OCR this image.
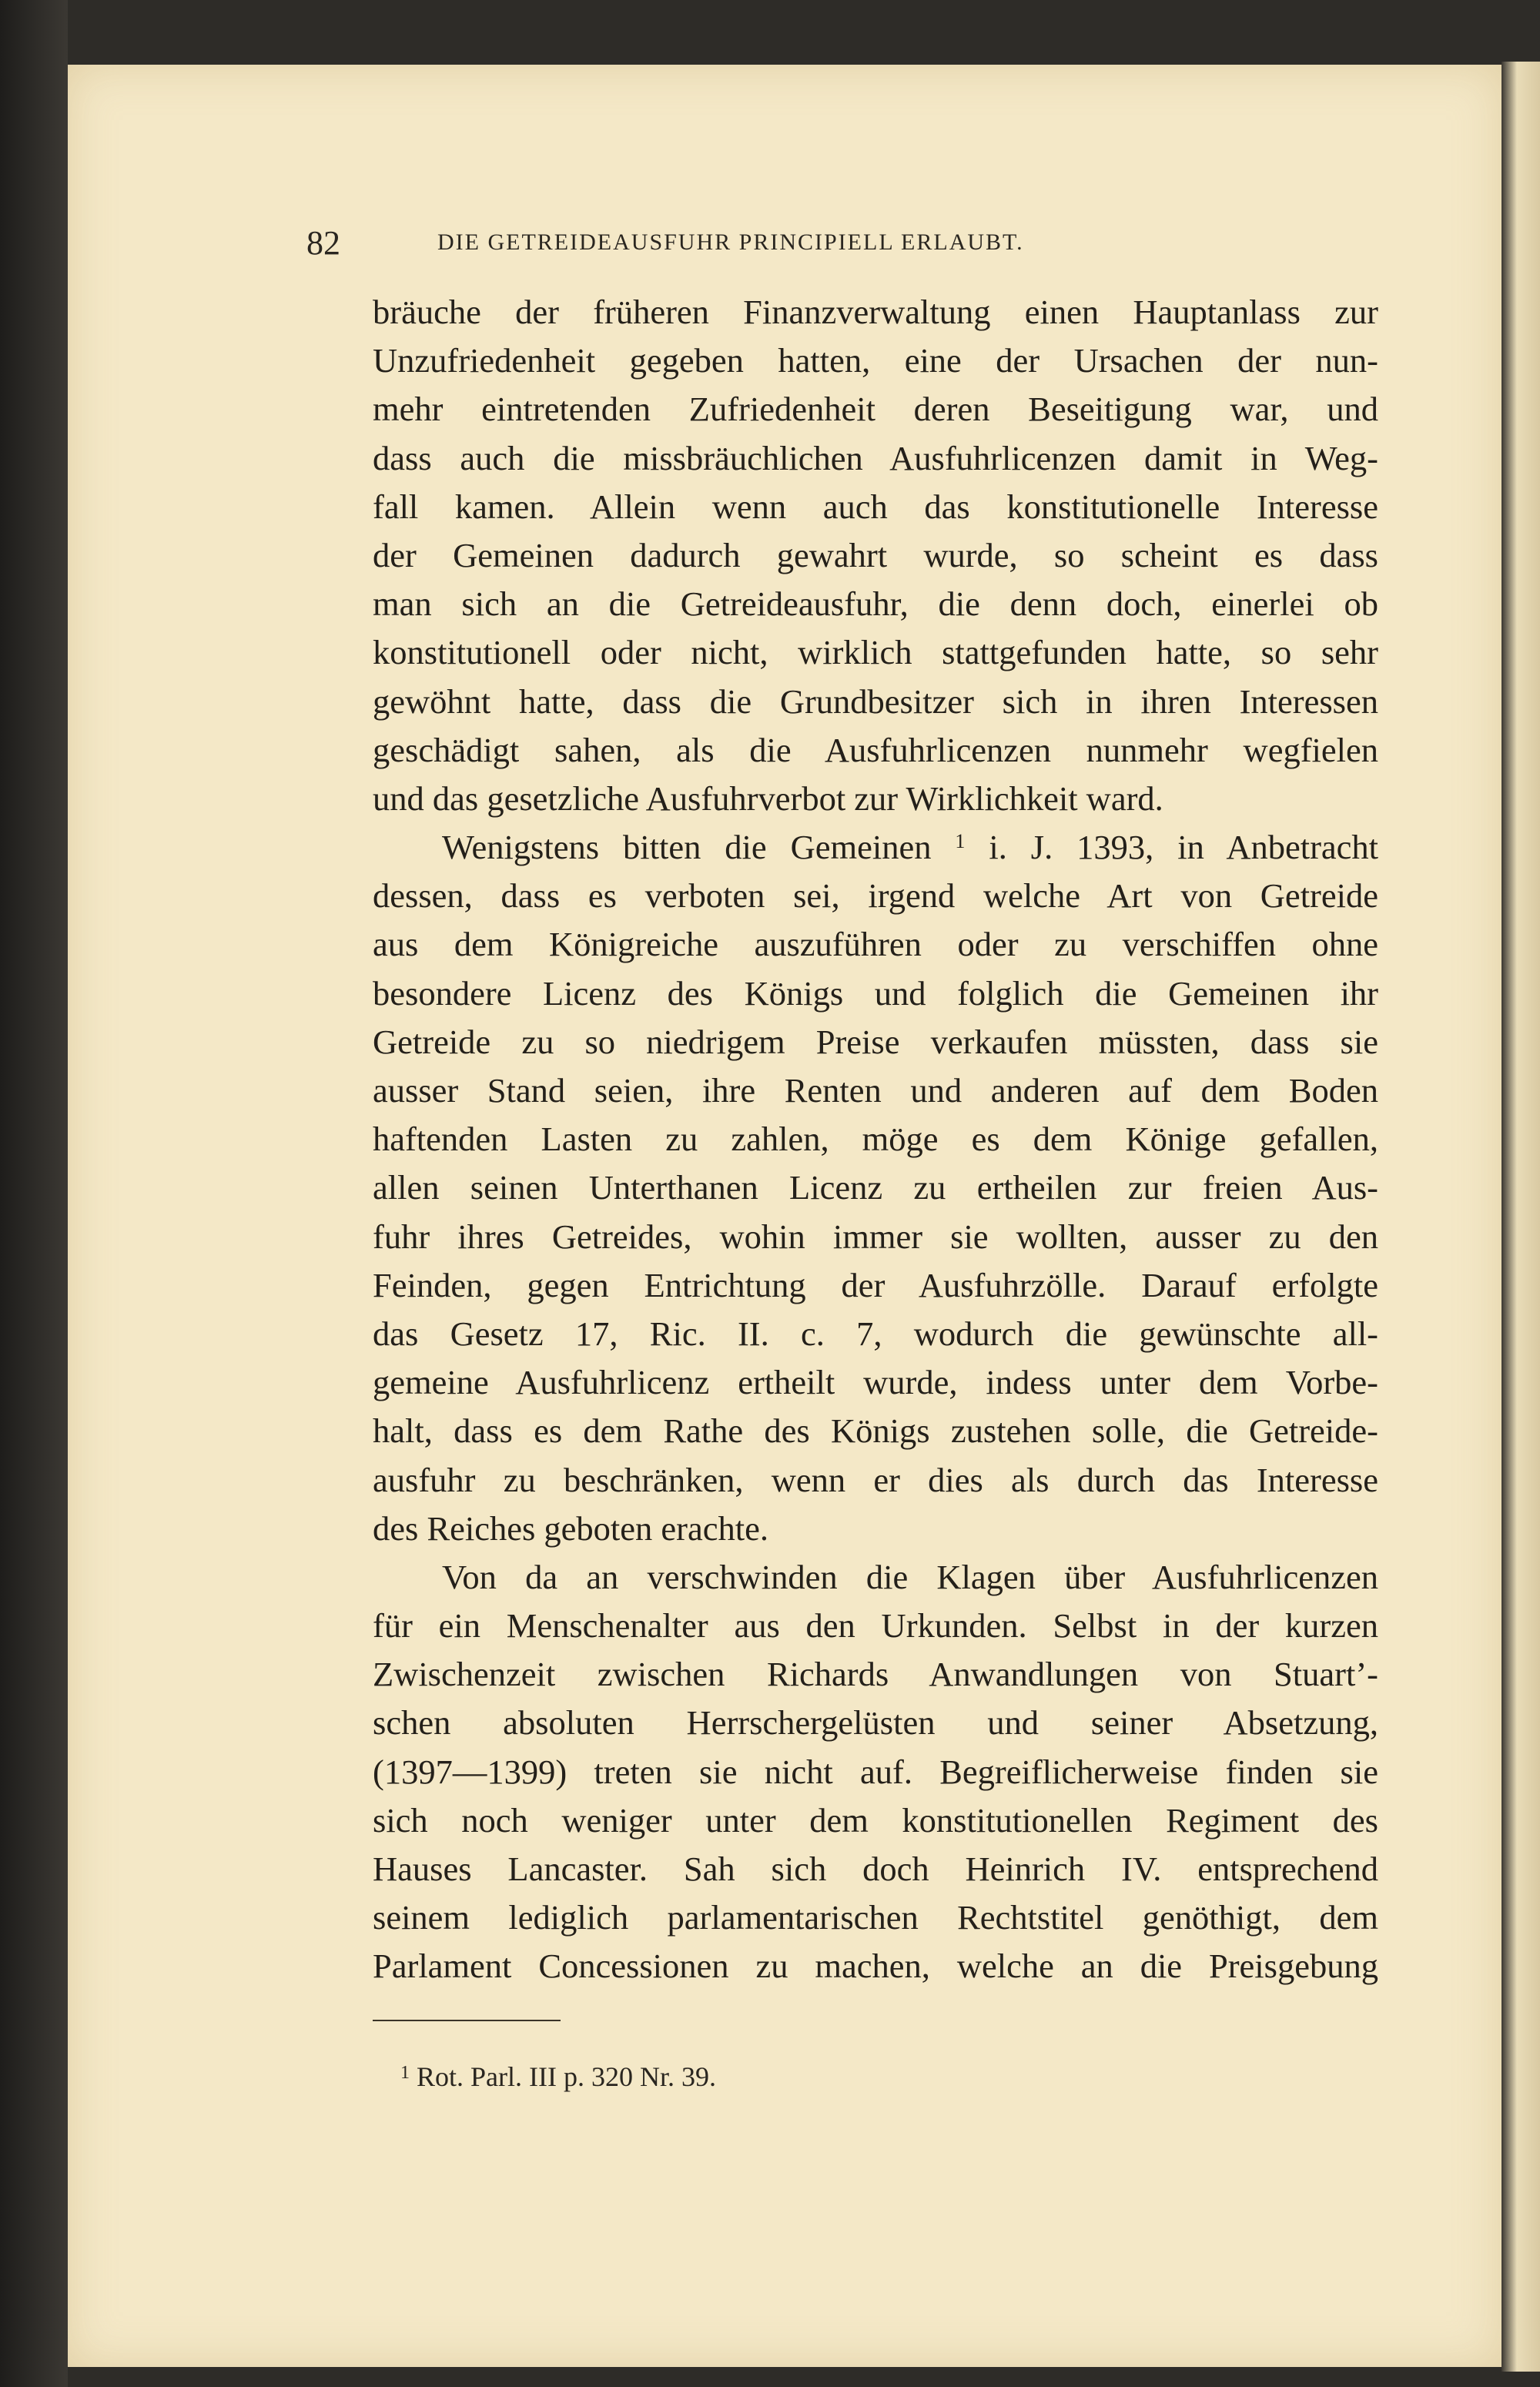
82	DIE GETREIDEAUSFUHR PRINCIPIELL ERLAUBT.
bräuche der früheren Finanzverwaltung einen Hauptanlass zur
Unzufriedenheit gegeben hatten, eine der Ursachen der nun-
mehr eintretenden Zufriedenheit deren Beseitigung war, und
dass auch die missbräuchlichen Ausfuhrlicenzen damit in Weg-
fall kamen. Allein wenn auch das konstitutionelle Interesse
der Gemeinen dadurch gewahrt wurde, so scheint es dass
man sich an die Getreideausfuhr, die denn doch, einerlei ob
konstitutionell oder nicht, wirklich stattgefunden hatte, so sehr
gewöhnt hatte, dass die Grundbesitzer sich in ihren Interessen
geschädigt sahen, als die Ausfuhrlicenzen nunmehr wegfielen
und das gesetzliche Ausfuhrverbot zur Wirklichkeit ward.
Wenigstens bitten die Gemeinen $^1$ i. J. 1393, in Anbetracht
dessen, dass es verboten sei, irgend welche Art von Getreide
aus dem Königreiche auszuführen oder zu verschiffen ohne
besondere Licenz des Königs und folglich die Gemeinen ihr
Getreide zu so niedrigem Preise verkaufen müssten, dass sie
ausser Stand seien, ihre Renten und anderen auf dem Boden
haftenden Lasten zu zahlen, möge es dem Könige gefallen,
allen seinen Unterthanen Licenz zu ertheilen zur freien Aus-
fuhr ihres Getreides, wohin immer sie wollten, ausser zu den
Feinden, gegen Entrichtung der Ausfuhrzölle. Darauf erfolgte
das Gesetz 17, Ric. II. c. 7, wodurch die gewünschte all-
gemeine Ausfuhrlicenz ertheilt wurde, indess unter dem Vorbe-
halt, dass es dem Rathe des Königs zustehen solle, die Getreide-
ausfuhr zu beschränken, wenn er dies als durch das Interesse
des Reiches geboten erachte.
Von da an verschwinden die Klagen über Ausfuhrlicenzen
für ein Menschenalter aus den Urkunden. Selbst in der kurzen
Zwischenzeit zwischen Richards Anwandlungen von Stuart’-
schen absoluten Herrschergelüsten und seiner Absetzung,
(1397—1399) treten sie nicht auf. Begreiflicherweise finden sie
sich noch weniger unter dem konstitutionellen Regiment des
Hauses Lancaster. Sah sich doch Heinrich IV. entsprechend
seinem lediglich parlamentarischen Rechtstitel genöthigt, dem
Parlament Concessionen zu machen, welche an die Preisgebung
$^1$ Rot. Parl. III p. 320 Nr. 39.
